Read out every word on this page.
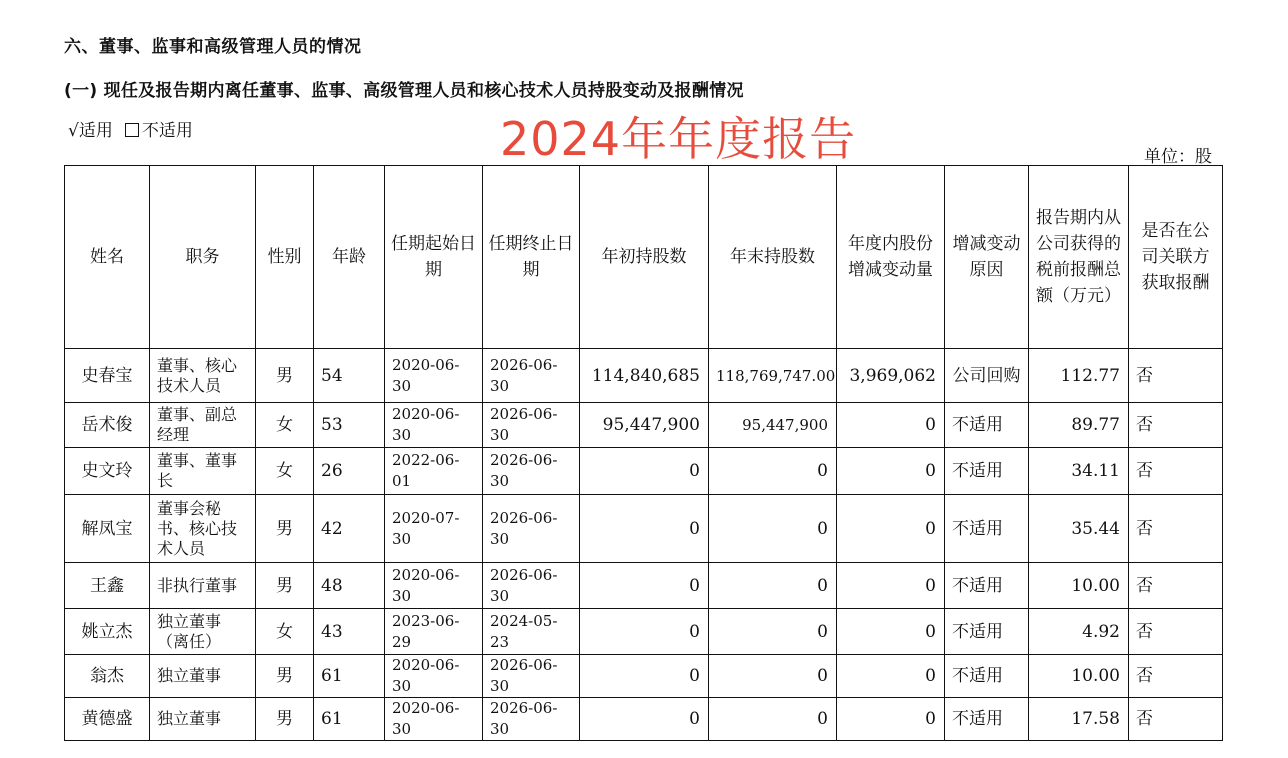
六、董事、监事和高级管理人员的情况
(一) 现任及报告期内离任董事、监事、高级管理人员和核心技术人员持股变动及报酬情况
√适用 不适用	2024年年度报告	单位：股
姓名	职务	性别	年龄	任期起始日期	任期终止日期	年初持股数	年末持股数	年度内股份增减变动量	增减变动原因	报告期内从公司获得的税前报酬总额（万元）	是否在公司关联方获取报酬
史春宝	董事、核心技术人员	男	54	2020-06-30	2026-06-30	114,840,685	118,769,747.00	3,969,062	公司回购	112.77	否
岳术俊	董事、副总经理	女	53	2020-06-30	2026-06-30	95,447,900	95,447,900	0	不适用	89.77	否
史文玲	董事、董事长	女	26	2022-06-01	2026-06-30	0	0	0	不适用	34.11	否
解凤宝	董事会秘书、核心技术人员	男	42	2020-07-30	2026-06-30	0	0	0	不适用	35.44	否
王鑫	非执行董事	男	48	2020-06-30	2026-06-30	0	0	0	不适用	10.00	否
姚立杰	独立董事（离任）	女	43	2023-06-29	2024-05-23	0	0	0	不适用	4.92	否
翁杰	独立董事	男	61	2020-06-30	2026-06-30	0	0	0	不适用	10.00	否
黄德盛	独立董事	男	61	2020-06-30	2026-06-30	0	0	0	不适用	17.58	否
